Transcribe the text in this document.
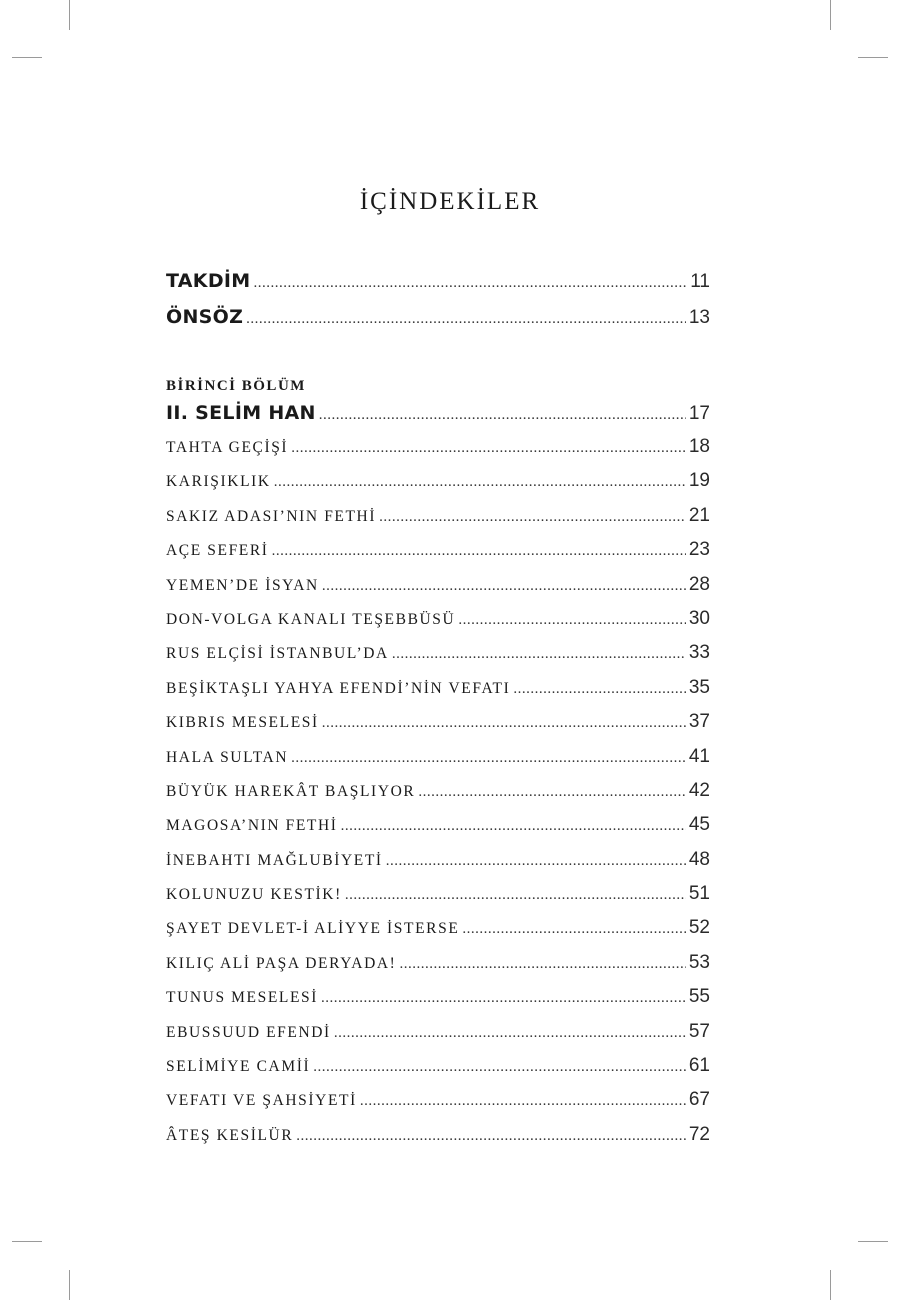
İÇİNDEKİLER
TAKDİM .....	11
ÖNSÖZ .....	13

BİRİNCİ BÖLÜM

II. SELİM HAN .....	17
TAHTA GEÇİŞİ .....	18
KARIŞIKLIK .....	19
SAKIZ ADASI’NIN FETHİ .....	21
AÇE SEFERİ .....	23
YEMEN’DE İSYAN .....	28
DON-VOLGA KANALI TEŞEBBÜSÜ .....	30
RUS ELÇİSİ İSTANBUL’DA .....	33
BEŞİKTAŞLI YAHYA EFENDİ’NİN VEFATI .....	35
KIBRIS MESELESİ .....	37
HALA SULTAN .....	41
BÜYÜK HAREKÂT BAŞLIYOR .....	42
MAGOSA’NIN FETHİ .....	45
İNEBAHTI MAĞLUBİYETİ .....	48
KOLUNUZU KESTİK! .....	51
ŞAYET DEVLET-İ ALİYYE İSTERSE .....	52
KILIÇ ALİ PAŞA DERYADA! .....	53
TUNUS MESELESİ .....	55
EBUSSUUD EFENDİ .....	57
SELİMİYE CAMİİ .....	61
VEFATI VE ŞAHSİYETİ .....	67
ÂTEŞ KESİLÜR .....	72
